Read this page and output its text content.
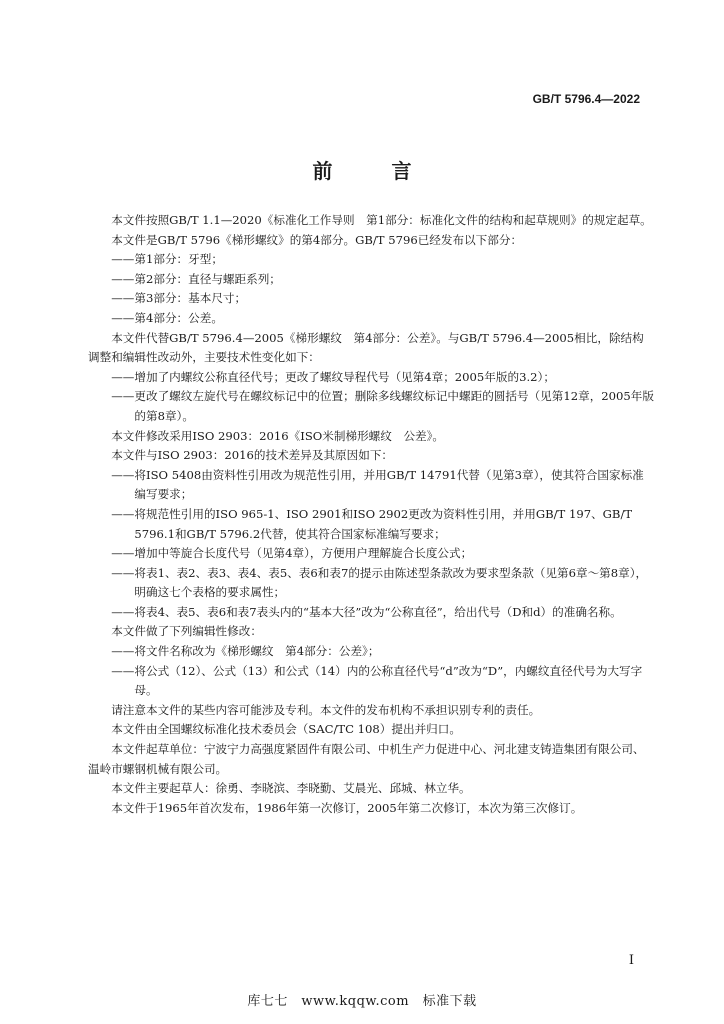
GB/T 5796.4—2022
前 言

本文件按照GB/T 1.1—2020《标准化工作导则　第1部分：标准化文件的结构和起草规则》的规定起草。

本文件是GB/T 5796《梯形螺纹》的第4部分。GB/T 5796已经发布以下部分：

——第1部分：牙型；

——第2部分：直径与螺距系列；

——第3部分：基本尺寸；

——第4部分：公差。

本文件代替GB/T 5796.4—2005《梯形螺纹　第4部分：公差》。与GB/T 5796.4—2005相比，除结构调整和编辑性改动外，主要技术性变化如下：

——增加了内螺纹公称直径代号；更改了螺纹导程代号（见第4章；2005年版的3.2）；

——更改了螺纹左旋代号在螺纹标记中的位置；删除多线螺纹标记中螺距的圆括号（见第12章，2005年版的第8章）。

本文件修改采用ISO 2903：2016《ISO米制梯形螺纹　公差》。

本文件与ISO 2903：2016的技术差异及其原因如下：

——将ISO 5408由资料性引用改为规范性引用，并用GB/T 14791代替（见第3章），使其符合国家标准编写要求；

——将规范性引用的ISO 965-1、ISO 2901和ISO 2902更改为资料性引用，并用GB/T 197、GB/T 5796.1和GB/T 5796.2代替，使其符合国家标准编写要求；

——增加中等旋合长度代号（见第4章），方便用户理解旋合长度公式；

——将表1、表2、表3、表4、表5、表6和表7的提示由陈述型条款改为要求型条款（见第6章～第8章），明确这七个表格的要求属性；

——将表4、表5、表6和表7表头内的“基本大径”改为“公称直径”，给出代号（D和d）的准确名称。

本文件做了下列编辑性修改：

——将文件名称改为《梯形螺纹　第4部分：公差》；

——将公式（12）、公式（13）和公式（14）内的公称直径代号“d”改为“D”，内螺纹直径代号为大写字母。

请注意本文件的某些内容可能涉及专利。本文件的发布机构不承担识别专利的责任。

本文件由全国螺纹标准化技术委员会（SAC/TC 108）提出并归口。

本文件起草单位：宁波宁力高强度紧固件有限公司、中机生产力促进中心、河北建支铸造集团有限公司、温岭市螺钢机械有限公司。

本文件主要起草人：徐勇、李晓滨、李晓勤、艾晨光、邱城、林立华。

本文件于1965年首次发布，1986年第一次修订，2005年第二次修订，本次为第三次修订。

I
库七七　www.kqqw.com　标准下载
